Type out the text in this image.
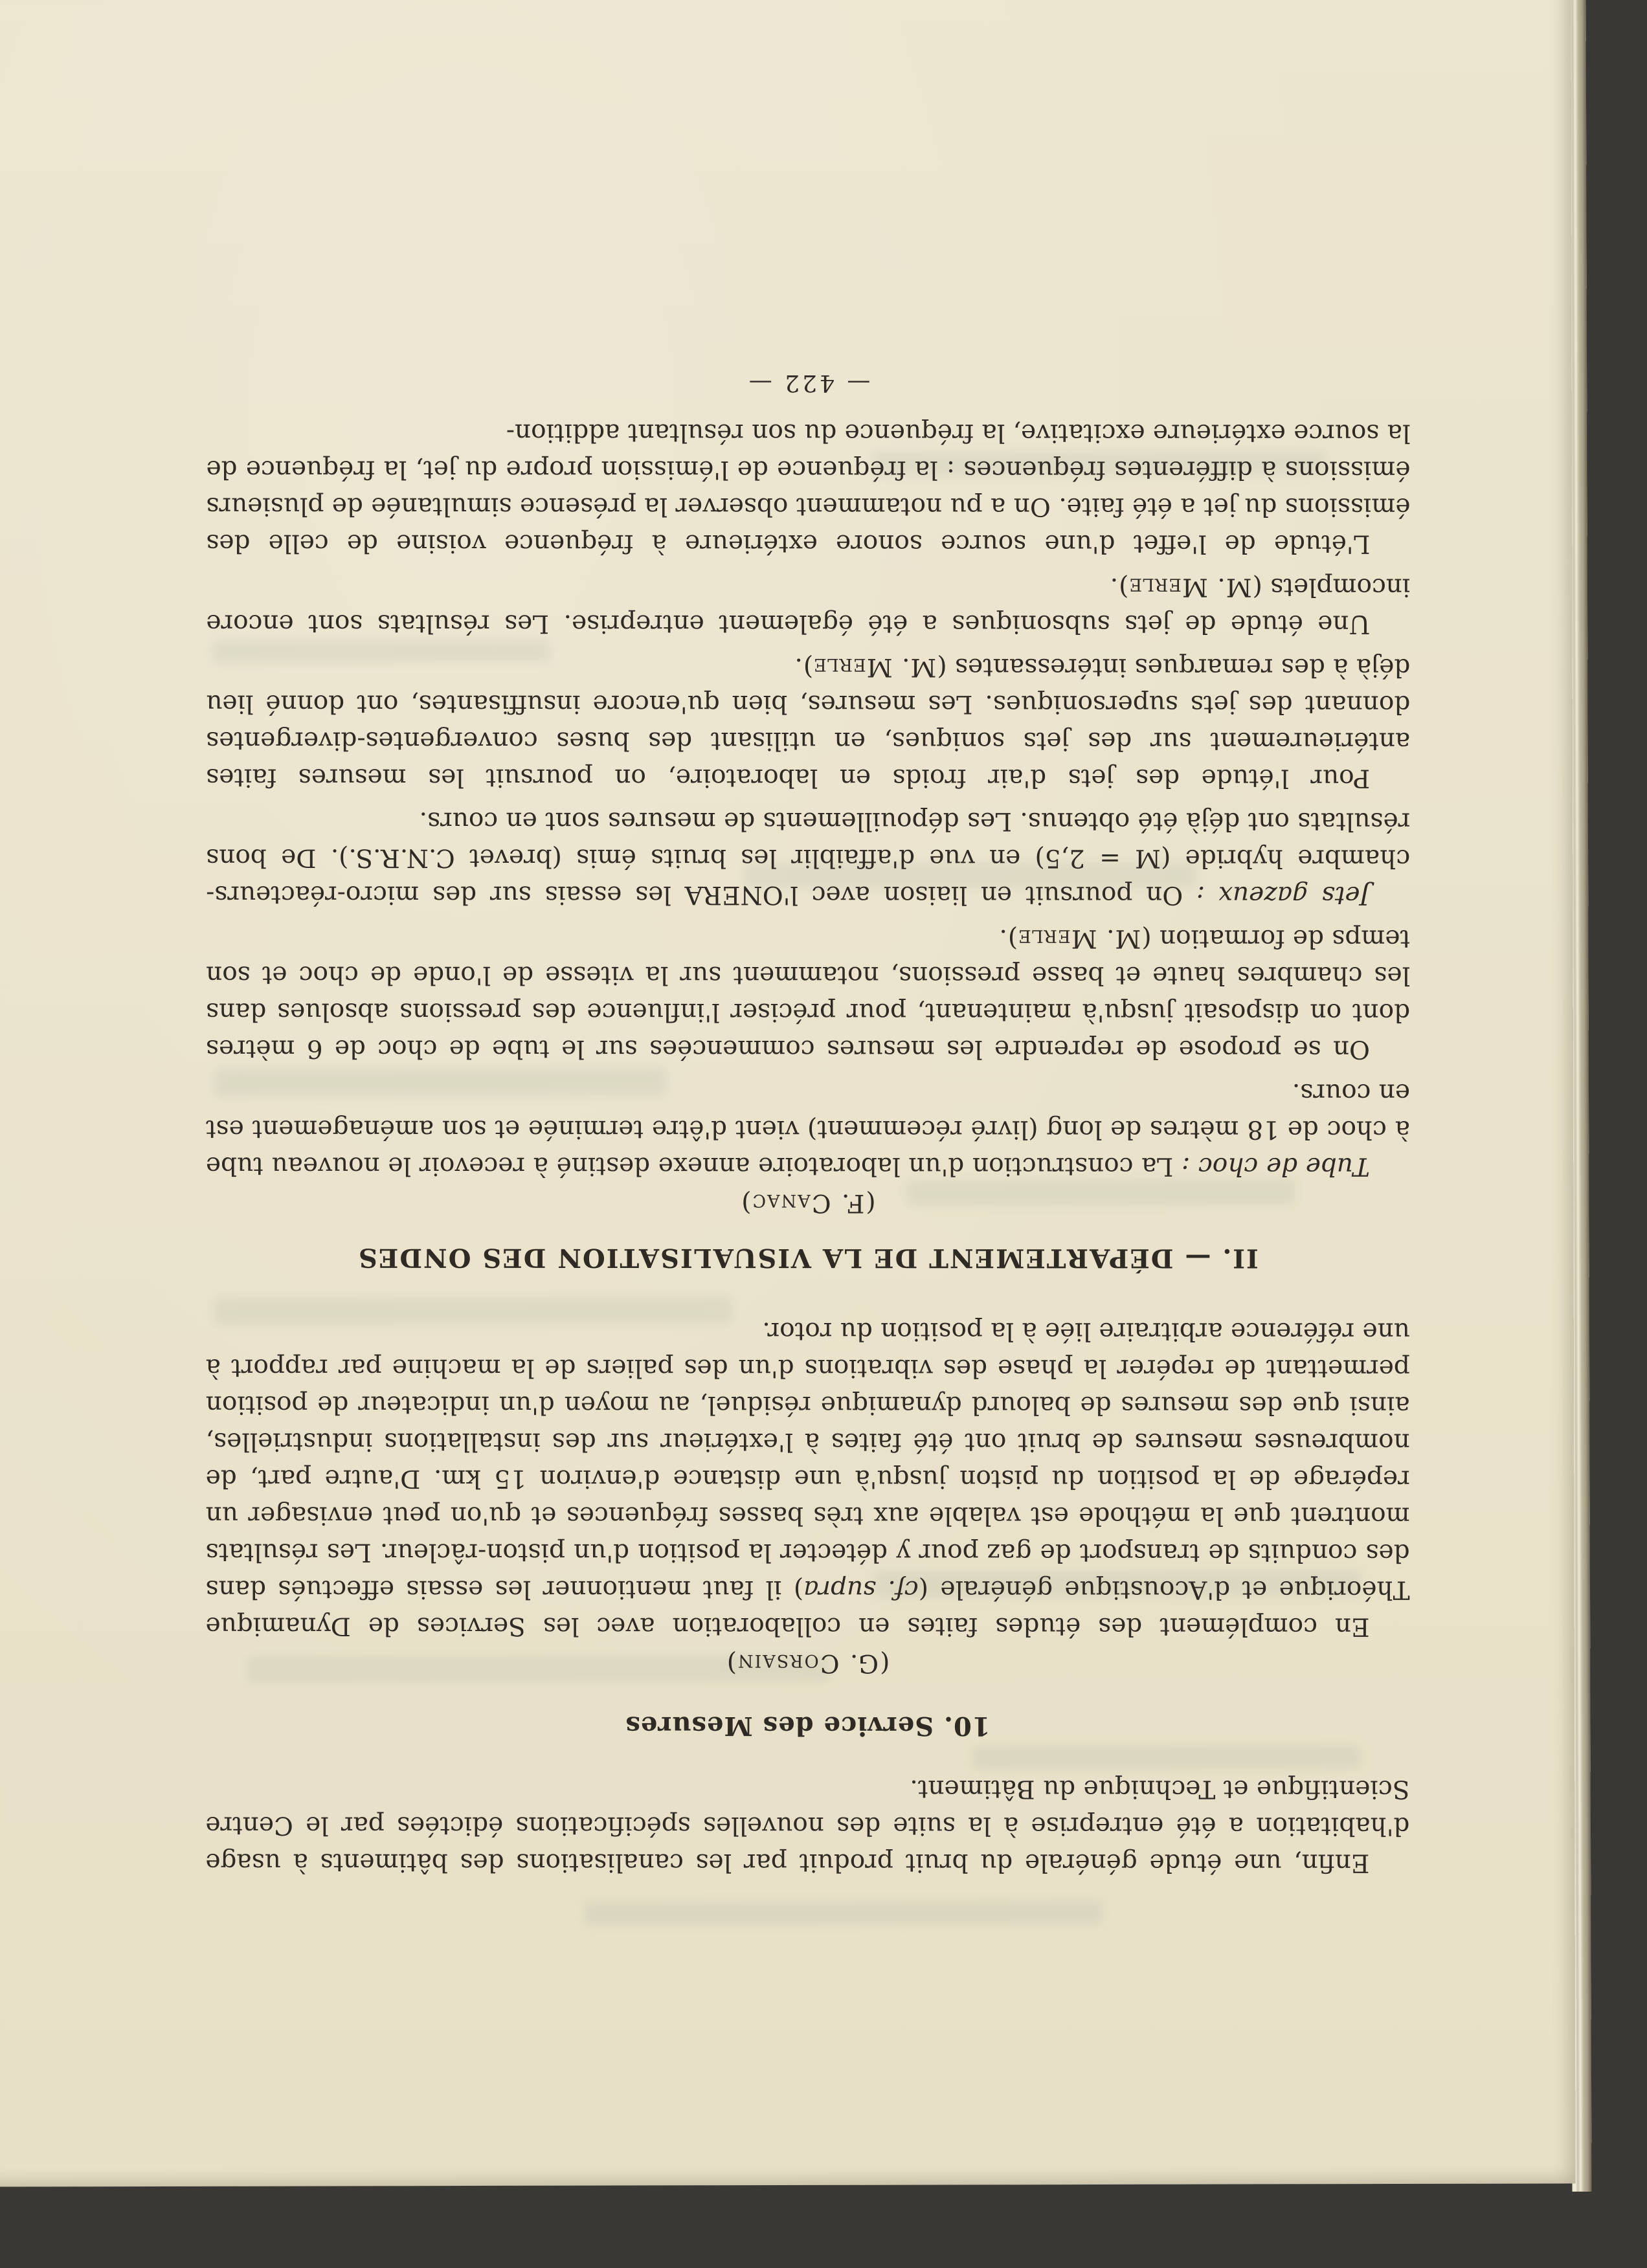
Enfin, une étude générale du bruit produit par les canalisations des bâtiments à usage d'habitation a été entreprise à la suite des nouvelles spécifications édictées par le Centre Scientifique et Technique du Bâtiment.

10. Service des Mesures
(G. Corsain)

En complément des études faites en collaboration avec les Services de Dynamique Théorique et d'Acoustique générale (cf. supra) il faut mentionner les essais effectués dans des conduits de transport de gaz pour y détecter la position d'un piston-râcleur. Les résultats montrent que la méthode est valable aux très basses fréquences et qu'on peut envisager un repérage de la position du piston jusqu'à une distance d'environ 15 km. D'autre part, de nombreuses mesures de bruit ont été faites à l'extérieur sur des installations industrielles, ainsi que des mesures de balourd dynamique résiduel, au moyen d'un indicateur de position permettant de repérer la phase des vibrations d'un des paliers de la machine par rapport à une référence arbitraire liée à la position du rotor.

II. — DÉPARTEMENT DE LA VISUALISATION DES ONDES
(F. Canac)

Tube de choc : La construction d'un laboratoire annexe destiné à recevoir le nouveau tube à choc de 18 mètres de long (livré récemment) vient d'être terminée et son aménagement est en cours.

On se propose de reprendre les mesures commencées sur le tube de choc de 6 mètres dont on disposait jusqu'à maintenant, pour préciser l'influence des pressions absolues dans les chambres haute et basse pressions, notamment sur la vitesse de l'onde de choc et son temps de formation (M. Merle).

Jets gazeux : On poursuit en liaison avec l'ONERA les essais sur des micro-réacteurs-chambre hybride (M = 2,5) en vue d'affaiblir les bruits émis (brevet C.N.R.S.). De bons résultats ont déjà été obtenus. Les dépouillements de mesures sont en cours.

Pour l'étude des jets d'air froids en laboratoire, on poursuit les mesures faites antérieurement sur des jets soniques, en utilisant des buses convergentes-divergentes donnant des jets supersoniques. Les mesures, bien qu'encore insuffisantes, ont donné lieu déjà à des remarques intéressantes (M. Merle).

Une étude de jets subsoniques a été également entreprise. Les résultats sont encore incomplets (M. Merle).

L'étude de l'effet d'une source sonore extérieure à fréquence voisine de celle des émissions du jet a été faite. On a pu notamment observer la présence simultanée de plusieurs émissions à différentes fréquences : la fréquence de l'émission propre du jet, la fréquence de la source extérieure excitative, la fréquence du son résultant addition-

— 422 —
